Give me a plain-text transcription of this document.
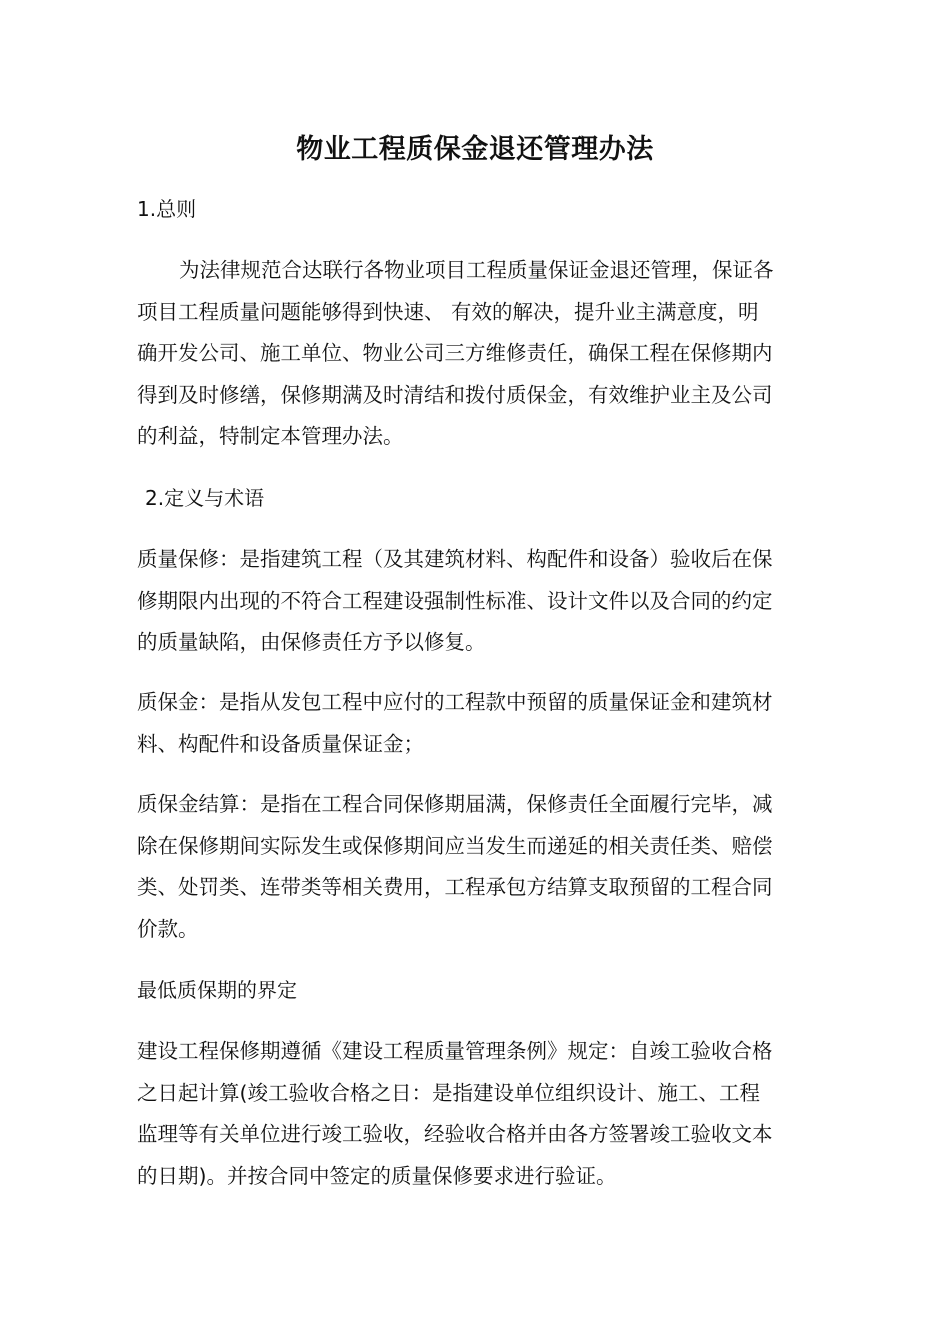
物业工程质保金退还管理办法
1.总则
为法律规范合达联行各物业项目工程质量保证金退还管理，保证各
项目工程质量问题能够得到快速、 有效的解决，提升业主满意度，明
确开发公司、施工单位、物业公司三方维修责任，确保工程在保修期内
得到及时修缮，保修期满及时清结和拨付质保金，有效维护业主及公司
的利益，特制定本管理办法。
2.定义与术语
质量保修：是指建筑工程（及其建筑材料、构配件和设备）验收后在保
修期限内出现的不符合工程建设强制性标准、设计文件以及合同的约定
的质量缺陷，由保修责任方予以修复。
质保金：是指从发包工程中应付的工程款中预留的质量保证金和建筑材
料、构配件和设备质量保证金；
质保金结算：是指在工程合同保修期届满，保修责任全面履行完毕，减
除在保修期间实际发生或保修期间应当发生而递延的相关责任类、赔偿
类、处罚类、连带类等相关费用，工程承包方结算支取预留的工程合同
价款。
最低质保期的界定
建设工程保修期遵循《建设工程质量管理条例》规定：自竣工验收合格
之日起计算(竣工验收合格之日：是指建设单位组织设计、施工、工程
监理等有关单位进行竣工验收，经验收合格并由各方签署竣工验收文本
的日期)。并按合同中签定的质量保修要求进行验证。
